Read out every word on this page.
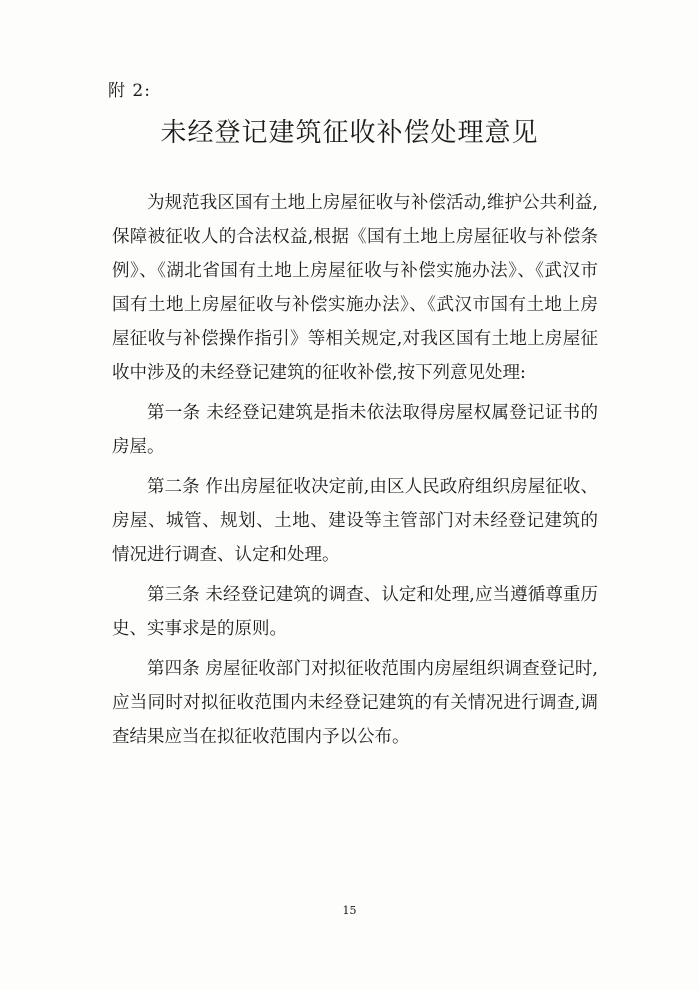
附 2:
未经登记建筑征收补偿处理意见

为规范我区国有土地上房屋征收与补偿活动,维护公共利益,保障被征收人的合法权益,根据《国有土地上房屋征收与补偿条例》、《湖北省国有土地上房屋征收与补偿实施办法》、《武汉市国有土地上房屋征收与补偿实施办法》、《武汉市国有土地上房屋征收与补偿操作指引》等相关规定,对我区国有土地上房屋征收中涉及的未经登记建筑的征收补偿,按下列意见处理:

第一条 未经登记建筑是指未依法取得房屋权属登记证书的房屋。

第二条 作出房屋征收决定前,由区人民政府组织房屋征收、房屋、城管、规划、土地、建设等主管部门对未经登记建筑的情况进行调查、认定和处理。

第三条 未经登记建筑的调查、认定和处理,应当遵循尊重历史、实事求是的原则。

第四条 房屋征收部门对拟征收范围内房屋组织调查登记时,应当同时对拟征收范围内未经登记建筑的有关情况进行调查,调查结果应当在拟征收范围内予以公布。

15
